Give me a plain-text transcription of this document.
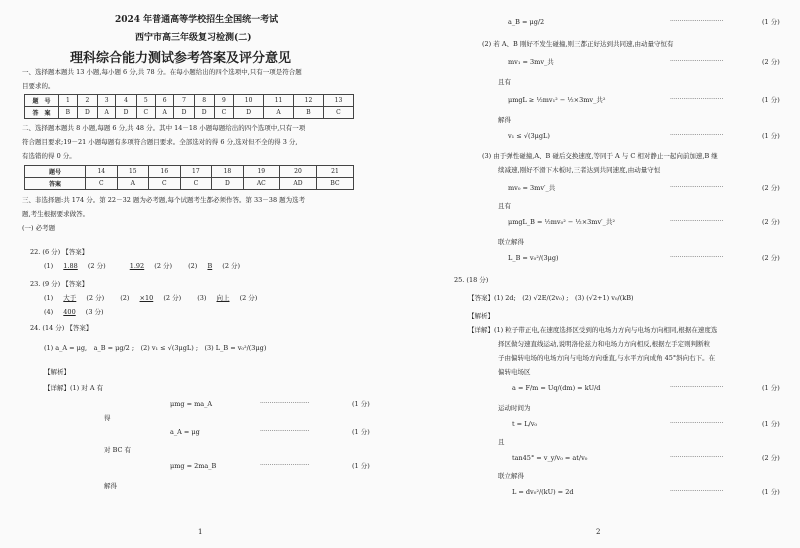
2024 年普通高等学校招生全国统一考试
西宁市高三年级复习检测(二)
理科综合能力测试参考答案及评分意见
一、选择题本题共 13 小题,每小题 6 分,共 78 分。在每小题给出的四个选项中,只有一项是符合题
目要求的。
题　号	1	2	3	4	5	6	7	8	9	10	11	12	13
答　案	B	D	A	D	C	A	D	D	C	D	A	B	C
二、选择题本题共 8 小题,每题 6 分,共 48 分。其中 14－18 小题每题给出的四个选项中,只有一项
符合题目要求;19－21 小题每题有多项符合题目要求。全部选对的得 6 分,选对但不全的得 3 分,
有选错的得 0 分。
题号	14	15	16	17	18	19	20	21
答案	C	A	C	C	D	AC	AD	BC
三、非选择题:共 174 分。第 22－32 题为必考题,每个试题考生都必须作答。第 33－38 题为选考
题,考生根据要求做答。
(一) 必考题
22. (6 分) 【答案】
(1) 1.88 (2 分)	1.92 (2 分) (2) B (2 分)
23. (9 分) 【答案】
(1) 大于 (2 分) (2) ×10 (2 分) (3) 向上 (2 分)
(4) 400 (3 分)
24. (14 分) 【答案】
(1) a_A = μg,　a_B = μg/2 ;　(2) v₁ ≤ √(3μgL) ;　(3) L_B = v₀²/(3μg)
【解析】
【详解】(1) 对 A 有
μmg = ma_A	··························	(1 分)
得
a_A = μg	··························	(1 分)
对 BC 有
μmg = 2ma_B	··························	(1 分)
解得
1
a_B = μg/2	····························	(1 分)
(2) 若 A、B 刚好不发生碰撞,则三都正好达到共同速,由动量守恒有
mv₁ = 3mv_共	····························	(2 分)
且有
μmgL ≥ ½mv₁² − ½×3mv_共²	····························	(1 分)
解得
v₁ ≤ √(3μgL)	····························	(1 分)
(3) 由于弹性碰撞,A、B 碰后交换速度,等同于 A 与 C 相对静止一起向前加速,B 继
续减速,刚好不滑下木板时,三者达到共同速度,由动量守恒
mv₀ = 3mv′_共	····························	(2 分)
且有
μmgL_B = ½mv₀² − ½×3mv′_共²	····························	(2 分)
联立解得
L_B = v₀²/(3μg)	····························	(2 分)
25. (18 分)
【答案】(1) 2d;　(2) √2E/(2v₀) ;　(3) (√2+1) v₀/(kB)
【解析】
【详解】(1) 粒子带正电,在速度选择区受到的电场力方向与电场方向相同,根据在速度选
择区做匀速直线运动,说明洛伦兹力和电场力方向相反,根据左手定则判断粒
子由偏转电场的电场方向与电场方向垂直,与水平方向成角 45°斜向右下。在
偏转电场区
a = F/m = Uq/(dm) = kU/d	····························	(1 分)
运动时间为
t = L/v₀	····························	(1 分)
且
tan45° = v_y/v₀ = at/v₀	····························	(2 分)
联立解得
L = dv₀²/(kU) = 2d	····························	(1 分)
2
